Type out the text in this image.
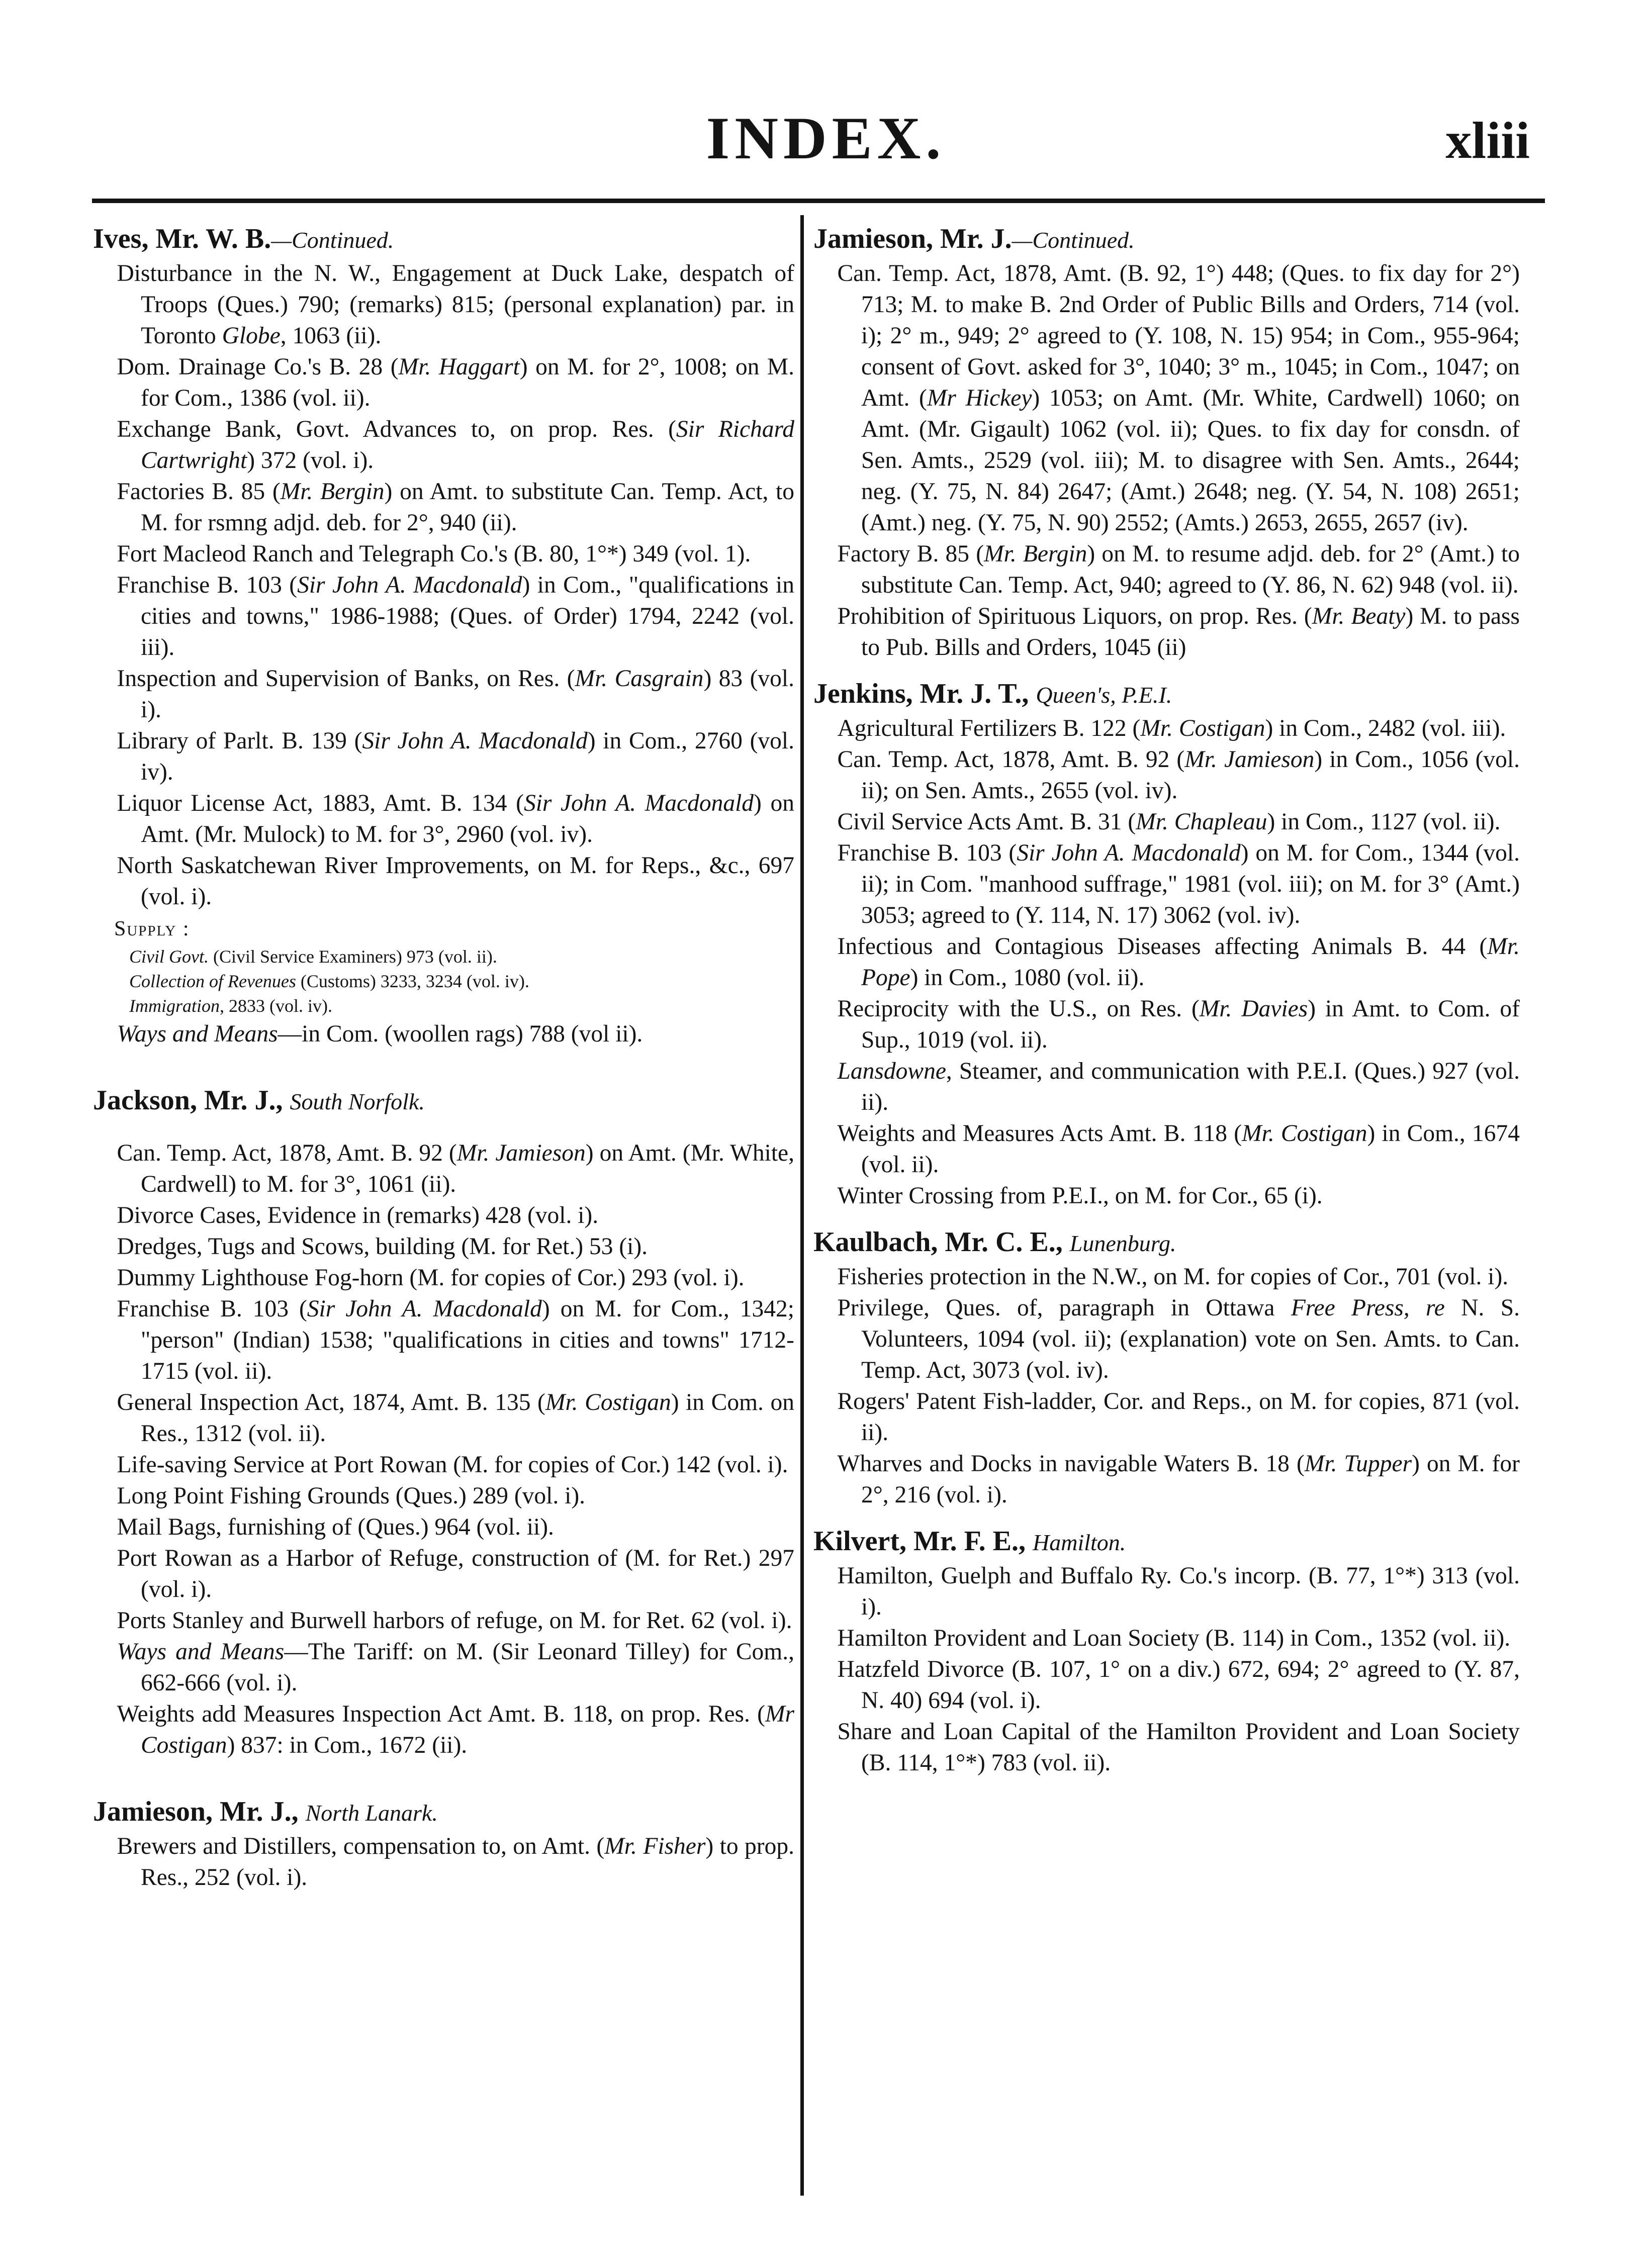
INDEX.	xliii

Ives, Mr. W. B.—Continued.

Disturbance in the N. W., Engagement at Duck Lake, despatch of Troops (Ques.) 790; (remarks) 815; (personal explanation) par. in Toronto Globe, 1063 (ii).

Dom. Drainage Co.'s B. 28 (Mr. Haggart) on M. for 2°, 1008; on M. for Com., 1386 (vol. ii).

Exchange Bank, Govt. Advances to, on prop. Res. (Sir Richard Cartwright) 372 (vol. i).

Factories B. 85 (Mr. Bergin) on Amt. to substitute Can. Temp. Act, to M. for rsmng adjd. deb. for 2°, 940 (ii).

Fort Macleod Ranch and Telegraph Co.'s (B. 80, 1°*) 349 (vol. 1).

Franchise B. 103 (Sir John A. Macdonald) in Com., "qualifications in cities and towns," 1986-1988; (Ques. of Order) 1794, 2242 (vol. iii).

Inspection and Supervision of Banks, on Res. (Mr. Casgrain) 83 (vol. i).

Library of Parlt. B. 139 (Sir John A. Macdonald) in Com., 2760 (vol. iv).

Liquor License Act, 1883, Amt. B. 134 (Sir John A. Macdonald) on Amt. (Mr. Mulock) to M. for 3°, 2960 (vol. iv).

North Saskatchewan River Improvements, on M. for Reps., &c., 697 (vol. i).

Supply :

Civil Govt. (Civil Service Examiners) 973 (vol. ii).

Collection of Revenues (Customs) 3233, 3234 (vol. iv).

Immigration, 2833 (vol. iv).

Ways and Means—in Com. (woollen rags) 788 (vol ii).

Jackson, Mr. J., South Norfolk.

Can. Temp. Act, 1878, Amt. B. 92 (Mr. Jamieson) on Amt. (Mr. White, Cardwell) to M. for 3°, 1061 (ii).

Divorce Cases, Evidence in (remarks) 428 (vol. i).

Dredges, Tugs and Scows, building (M. for Ret.) 53 (i).

Dummy Lighthouse Fog-horn (M. for copies of Cor.) 293 (vol. i).

Franchise B. 103 (Sir John A. Macdonald) on M. for Com., 1342; "person" (Indian) 1538; "qualifications in cities and towns" 1712-1715 (vol. ii).

General Inspection Act, 1874, Amt. B. 135 (Mr. Costigan) in Com. on Res., 1312 (vol. ii).

Life-saving Service at Port Rowan (M. for copies of Cor.) 142 (vol. i).

Long Point Fishing Grounds (Ques.) 289 (vol. i).

Mail Bags, furnishing of (Ques.) 964 (vol. ii).

Port Rowan as a Harbor of Refuge, construction of (M. for Ret.) 297 (vol. i).

Ports Stanley and Burwell harbors of refuge, on M. for Ret. 62 (vol. i).

Ways and Means—The Tariff: on M. (Sir Leonard Tilley) for Com., 662-666 (vol. i).

Weights add Measures Inspection Act Amt. B. 118, on prop. Res. (Mr Costigan) 837: in Com., 1672 (ii).

Jamieson, Mr. J., North Lanark.

Brewers and Distillers, compensation to, on Amt. (Mr. Fisher) to prop. Res., 252 (vol. i).

Jamieson, Mr. J.—Continued.

Can. Temp. Act, 1878, Amt. (B. 92, 1°) 448; (Ques. to fix day for 2°) 713; M. to make B. 2nd Order of Public Bills and Orders, 714 (vol. i); 2° m., 949; 2° agreed to (Y. 108, N. 15) 954; in Com., 955-964; consent of Govt. asked for 3°, 1040; 3° m., 1045; in Com., 1047; on Amt. (Mr Hickey) 1053; on Amt. (Mr. White, Cardwell) 1060; on Amt. (Mr. Gigault) 1062 (vol. ii); Ques. to fix day for consdn. of Sen. Amts., 2529 (vol. iii); M. to disagree with Sen. Amts., 2644; neg. (Y. 75, N. 84) 2647; (Amt.) 2648; neg. (Y. 54, N. 108) 2651; (Amt.) neg. (Y. 75, N. 90) 2552; (Amts.) 2653, 2655, 2657 (iv).

Factory B. 85 (Mr. Bergin) on M. to resume adjd. deb. for 2° (Amt.) to substitute Can. Temp. Act, 940; agreed to (Y. 86, N. 62) 948 (vol. ii).

Prohibition of Spirituous Liquors, on prop. Res. (Mr. Beaty) M. to pass to Pub. Bills and Orders, 1045 (ii)

Jenkins, Mr. J. T., Queen's, P.E.I.

Agricultural Fertilizers B. 122 (Mr. Costigan) in Com., 2482 (vol. iii).

Can. Temp. Act, 1878, Amt. B. 92 (Mr. Jamieson) in Com., 1056 (vol. ii); on Sen. Amts., 2655 (vol. iv).

Civil Service Acts Amt. B. 31 (Mr. Chapleau) in Com., 1127 (vol. ii).

Franchise B. 103 (Sir John A. Macdonald) on M. for Com., 1344 (vol. ii); in Com. "manhood suffrage," 1981 (vol. iii); on M. for 3° (Amt.) 3053; agreed to (Y. 114, N. 17) 3062 (vol. iv).

Infectious and Contagious Diseases affecting Animals B. 44 (Mr. Pope) in Com., 1080 (vol. ii).

Reciprocity with the U.S., on Res. (Mr. Davies) in Amt. to Com. of Sup., 1019 (vol. ii).

Lansdowne, Steamer, and communication with P.E.I. (Ques.) 927 (vol. ii).

Weights and Measures Acts Amt. B. 118 (Mr. Costigan) in Com., 1674 (vol. ii).

Winter Crossing from P.E.I., on M. for Cor., 65 (i).

Kaulbach, Mr. C. E., Lunenburg.

Fisheries protection in the N.W., on M. for copies of Cor., 701 (vol. i).

Privilege, Ques. of, paragraph in Ottawa Free Press, re N. S. Volunteers, 1094 (vol. ii); (explanation) vote on Sen. Amts. to Can. Temp. Act, 3073 (vol. iv).

Rogers' Patent Fish-ladder, Cor. and Reps., on M. for copies, 871 (vol. ii).

Wharves and Docks in navigable Waters B. 18 (Mr. Tupper) on M. for 2°, 216 (vol. i).

Kilvert, Mr. F. E., Hamilton.

Hamilton, Guelph and Buffalo Ry. Co.'s incorp. (B. 77, 1°*) 313 (vol. i).

Hamilton Provident and Loan Society (B. 114) in Com., 1352 (vol. ii).

Hatzfeld Divorce (B. 107, 1° on a div.) 672, 694; 2° agreed to (Y. 87, N. 40) 694 (vol. i).

Share and Loan Capital of the Hamilton Provident and Loan Society (B. 114, 1°*) 783 (vol. ii).
